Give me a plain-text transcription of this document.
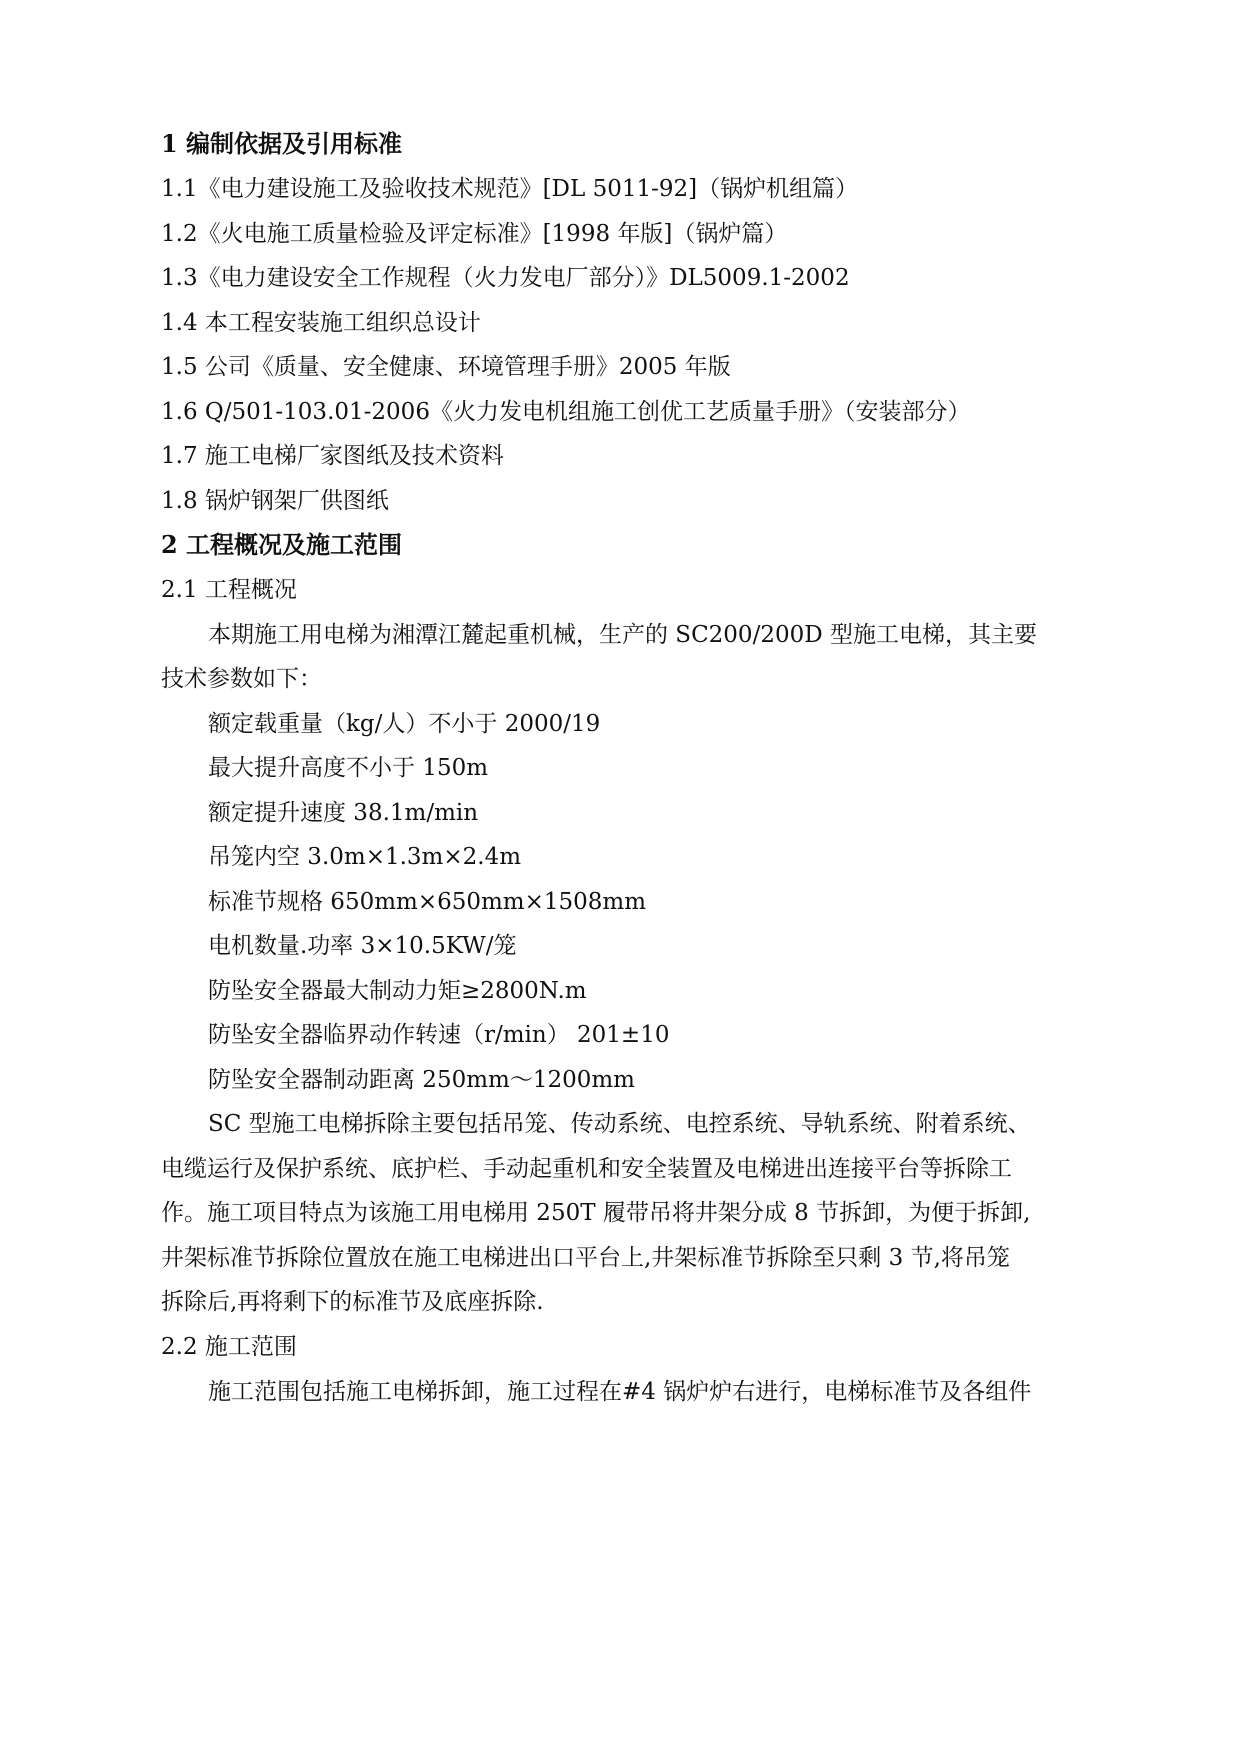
1 编制依据及引用标准
1.1《电力建设施工及验收技术规范》[DL 5011-92]（锅炉机组篇）
1.2《火电施工质量检验及评定标准》[1998 年版]（锅炉篇）
1.3《电力建设安全工作规程（火力发电厂部分）》DL5009.1-2002
1.4 本工程安装施工组织总设计
1.5 公司《质量、安全健康、环境管理手册》2005 年版
1.6 Q/501-103.01-2006《火力发电机组施工创优工艺质量手册》（安装部分）
1.7 施工电梯厂家图纸及技术资料
1.8 锅炉钢架厂供图纸
2 工程概况及施工范围
2.1 工程概况
本期施工用电梯为湘潭江麓起重机械，生产的 SC200/200D 型施工电梯，其主要
技术参数如下：
额定载重量（kg/人）不小于 2000/19
最大提升高度不小于 150m
额定提升速度 38.1m/min
吊笼内空 3.0m×1.3m×2.4m
标准节规格 650mm×650mm×1508mm
电机数量.功率 3×10.5KW/笼
防坠安全器最大制动力矩≥2800N.m
防坠安全器临界动作转速（r/min） 201±10
防坠安全器制动距离 250mm～1200mm
SC 型施工电梯拆除主要包括吊笼、传动系统、电控系统、导轨系统、附着系统、
电缆运行及保护系统、底护栏、手动起重机和安全装置及电梯进出连接平台等拆除工
作。施工项目特点为该施工用电梯用 250T 履带吊将井架分成 8 节拆卸，为便于拆卸,
井架标准节拆除位置放在施工电梯进出口平台上,井架标准节拆除至只剩 3 节,将吊笼
拆除后,再将剩下的标准节及底座拆除.
2.2 施工范围
施工范围包括施工电梯拆卸，施工过程在#4 锅炉炉右进行，电梯标准节及各组件
